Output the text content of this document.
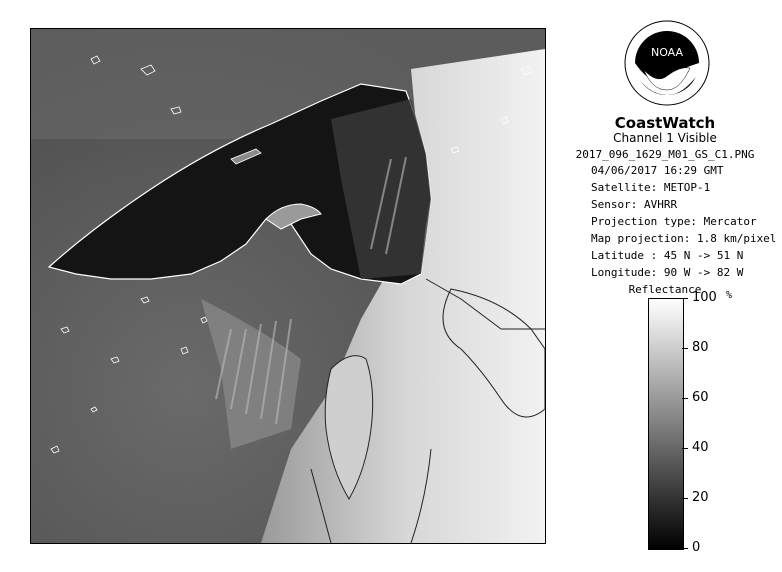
NOAA
CoastWatch
Channel 1 Visible
2017_096_1629_M01_GS_C1.PNG
04/06/2017 16:29 GMT
Satellite: METOP-1
Sensor: AVHRR
Projection type: Mercator
Map projection: 1.8 km/pixel
Latitude : 45 N -> 51 N
Longitude: 90 W -> 82 W
Reflectance	%
100
80
60
40
20
0
